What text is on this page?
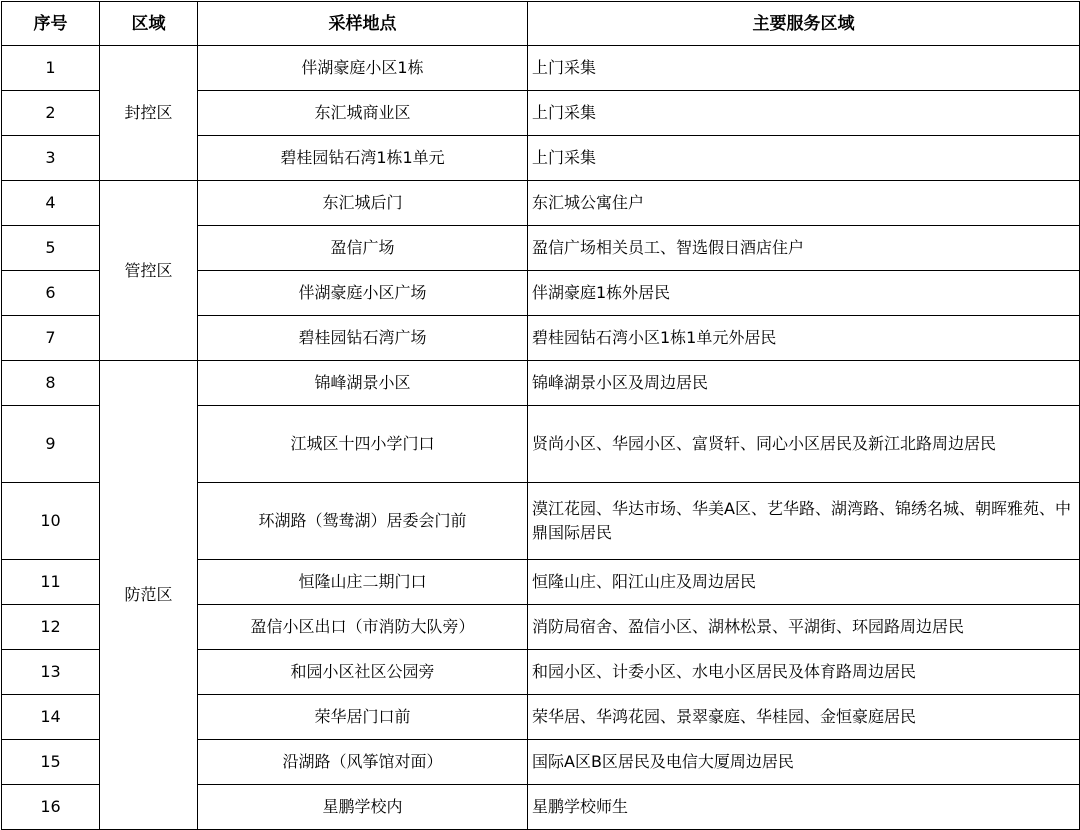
序号	区域	采样地点	主要服务区域
1	封控区	伴湖豪庭小区1栋	上门采集
2		东汇城商业区	上门采集
3		碧桂园钻石湾1栋1单元	上门采集
4	管控区	东汇城后门	东汇城公寓住户
5		盈信广场	盈信广场相关员工、智选假日酒店住户
6		伴湖豪庭小区广场	伴湖豪庭1栋外居民
7		碧桂园钻石湾广场	碧桂园钻石湾小区1栋1单元外居民
8	防范区	锦峰湖景小区	锦峰湖景小区及周边居民
9		江城区十四小学门口	贤尚小区、华园小区、富贤轩、同心小区居民及新江北路周边居民
10		环湖路（鸳鸯湖）居委会门前	漠江花园、华达市场、华美A区、艺华路、湖湾路、锦绣名城、朝晖雅苑、中鼎国际居民
11		恒隆山庄二期门口	恒隆山庄、阳江山庄及周边居民
12		盈信小区出口（市消防大队旁）	消防局宿舍、盈信小区、湖林松景、平湖街、环园路周边居民
13		和园小区社区公园旁	和园小区、计委小区、水电小区居民及体育路周边居民
14		荣华居门口前	荣华居、华鸿花园、景翠豪庭、华桂园、金恒豪庭居民
15		沿湖路（风筝馆对面）	国际A区B区居民及电信大厦周边居民
16		星鹏学校内	星鹏学校师生
